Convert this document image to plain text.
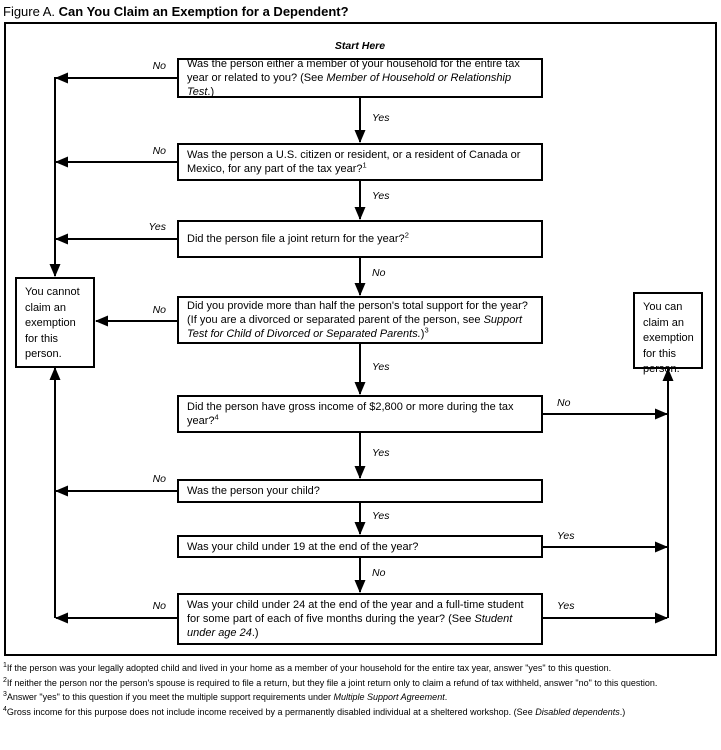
Figure A. Can You Claim an Exemption for a Dependent?
Start Here
Was the person either a member of your household for the entire tax year or related to you? (See Member of Household or Relationship Test.)
Was the person a U.S. citizen or resident, or a resident of Canada or Mexico, for any part of the tax year?$^1$
Did the person file a joint return for the year?$^2$
Did you provide more than half the person's total support for the year? (If you are a divorced or separated parent of the person, see Support Test for Child of Divorced or Separated Parents.)$^3$
Did the person have gross income of $2,800 or more during the tax year?$^4$
Was the person your child?
Was your child under 19 at the end of the year?
Was your child under 24 at the end of the year and a full-time student for some part of each of five months during the year? (See Student under age 24.)
You cannot claim an exemption for this person.
You can claim an exemption for this person.
No
No
Yes
No
No
No
Yes
Yes
No
Yes
Yes
Yes
No
No
Yes
Yes
$^1$If the person was your legally adopted child and lived in your home as a member of your household for the entire tax year, answer "yes" to this question.
$^2$If neither the person nor the person's spouse is required to file a return, but they file a joint return only to claim a refund of tax withheld, answer "no" to this question.
$^3$Answer "yes" to this question if you meet the multiple support requirements under Multiple Support Agreement.
$^4$Gross income for this purpose does not include income received by a permanently disabled individual at a sheltered workshop. (See Disabled dependents.)
